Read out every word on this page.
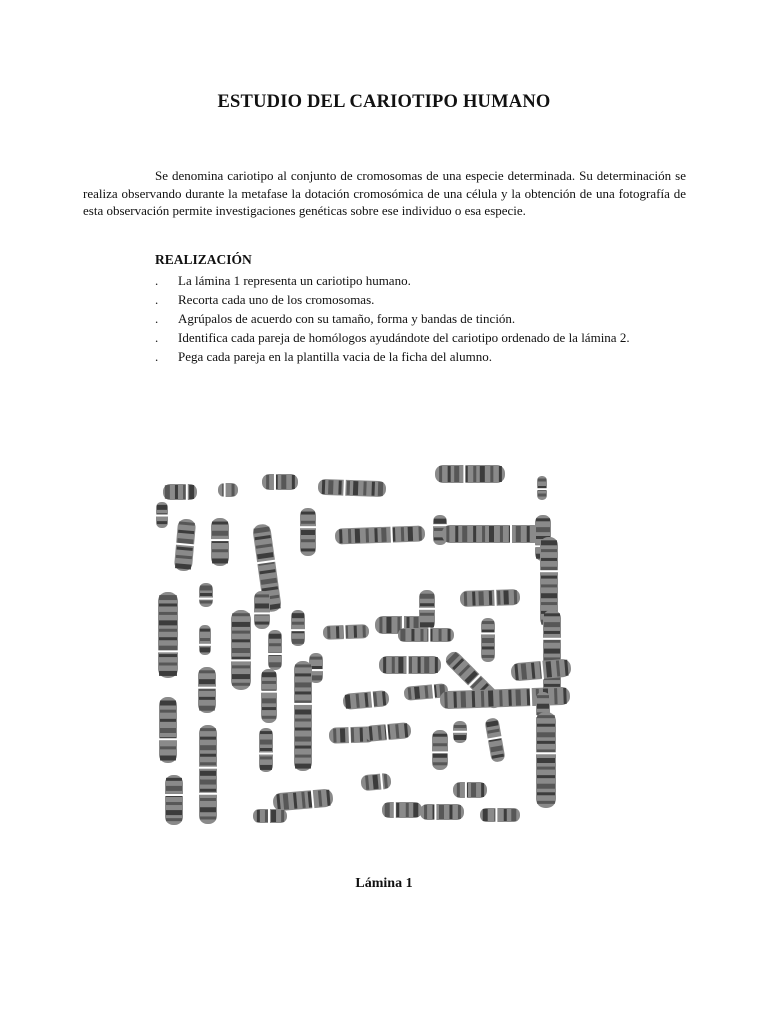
ESTUDIO DEL CARIOTIPO HUMANO

Se denomina cariotipo al conjunto de cromosomas de una especie determinada. Su determinación se realiza observando durante la metafase la dotación cromosómica de una célula y la obtención de una fotografía de esta observación permite investigaciones genéticas sobre ese individuo o esa especie.

REALIZACIÓN
. La lámina 1 representa un cariotipo humano.
. Recorta cada uno de los cromosomas.
. Agrúpalos de acuerdo con su tamaño, forma y bandas de tinción.
. Identifica cada pareja de homólogos ayudándote del cariotipo ordenado de la lámina 2.
. Pega cada pareja en la plantilla vacia de la ficha del alumno.
Lámina 1
